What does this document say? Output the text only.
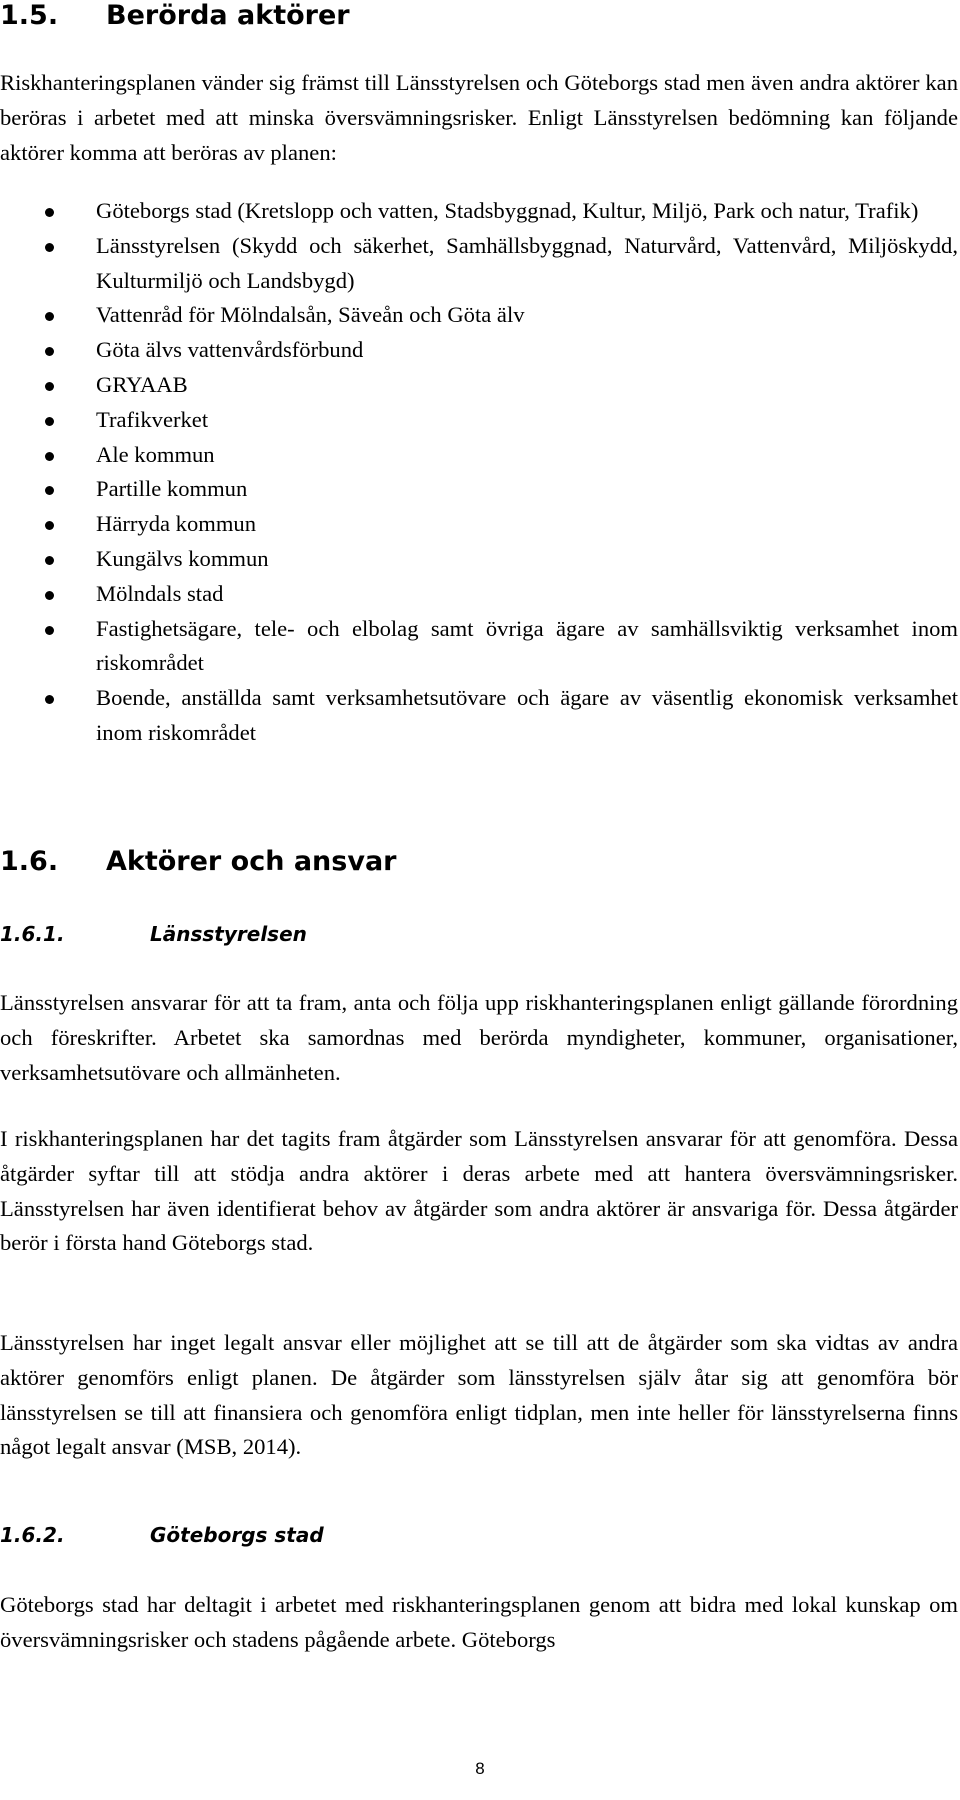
1.5. Berörda aktörer

Riskhanteringsplanen vänder sig främst till Länsstyrelsen och Göteborgs stad men även andra aktörer kan beröras i arbetet med att minska översvämningsrisker. Enligt Länsstyrelsen bedömning kan följande aktörer komma att beröras av planen:

Göteborgs stad (Kretslopp och vatten, Stadsbyggnad, Kultur, Miljö, Park och natur, Trafik)
Länsstyrelsen (Skydd och säkerhet, Samhällsbyggnad, Naturvård, Vattenvård, Miljöskydd, Kulturmiljö och Landsbygd)
Vattenråd för Mölndalsån, Säveån och Göta älv
Göta älvs vattenvårdsförbund
GRYAAB
Trafikverket
Ale kommun
Partille kommun
Härryda kommun
Kungälvs kommun
Mölndals stad
Fastighetsägare, tele- och elbolag samt övriga ägare av samhällsviktig verksamhet inom riskområdet
Boende, anställda samt verksamhetsutövare och ägare av väsentlig ekonomisk verksamhet inom riskområdet
1.6. Aktörer och ansvar
1.6.1.	Länsstyrelsen

Länsstyrelsen ansvarar för att ta fram, anta och följa upp riskhanteringsplanen enligt gällande förordning och föreskrifter. Arbetet ska samordnas med berörda myndigheter, kommuner, organisationer, verksamhetsutövare och allmänheten.

I riskhanteringsplanen har det tagits fram åtgärder som Länsstyrelsen ansvarar för att genomföra. Dessa åtgärder syftar till att stödja andra aktörer i deras arbete med att hantera översvämningsrisker. Länsstyrelsen har även identifierat behov av åtgärder som andra aktörer är ansvariga för. Dessa åtgärder berör i första hand Göteborgs stad.

Länsstyrelsen har inget legalt ansvar eller möjlighet att se till att de åtgärder som ska vidtas av andra aktörer genomförs enligt planen. De åtgärder som länsstyrelsen själv åtar sig att genomföra bör länsstyrelsen se till att finansiera och genomföra enligt tidplan, men inte heller för länsstyrelserna finns något legalt ansvar (MSB, 2014).

1.6.2.	Göteborgs stad

Göteborgs stad har deltagit i arbetet med riskhanteringsplanen genom att bidra med lokal kunskap om översvämningsrisker och stadens pågående arbete. Göteborgs

8
